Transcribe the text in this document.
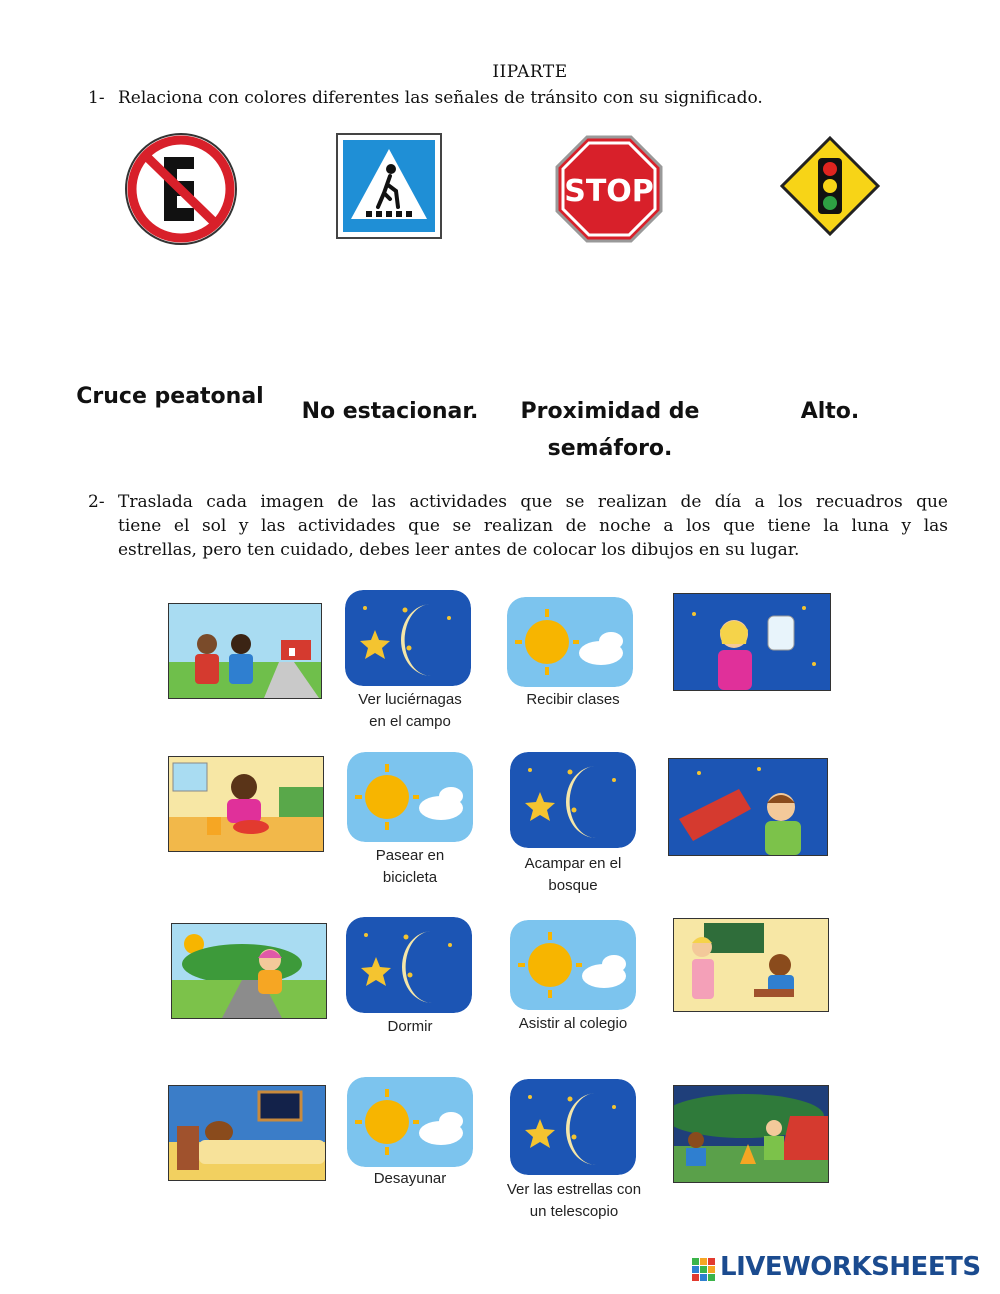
IIPARTE
1- Relaciona con colores diferentes las señales de tránsito con su significado.
STOP
Cruce peatonal
No estacionar.	Proximidad de
semáforo.
Alto.
2- Traslada cada imagen de las actividades que se realizan de día a los recuadros que
tiene el sol y las actividades que se realizan de noche a los que tiene la luna y las
estrellas, pero ten cuidado, debes leer antes de colocar los dibujos en su lugar.
Ver luciérnagas
en el campo
Recibir clases
Pasear en
bicicleta
Acampar en el
bosque
Dormir	Asistir al colegio
Desayunar
Ver las estrellas con
un telescopio
LIVEWORKSHEETS
